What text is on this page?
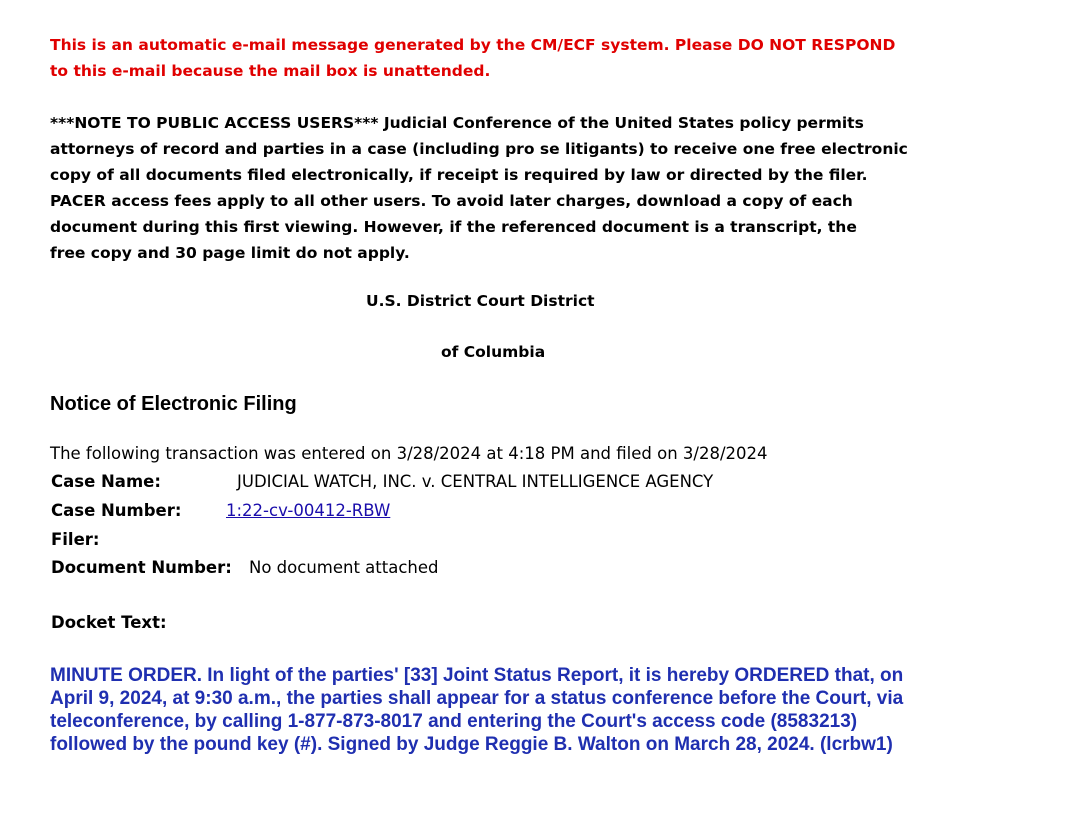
This is an automatic e-mail message generated by the CM/ECF system. Please DO NOT RESPOND
to this e-mail because the mail box is unattended.
***NOTE TO PUBLIC ACCESS USERS*** Judicial Conference of the United States policy permits
attorneys of record and parties in a case (including pro se litigants) to receive one free electronic
copy of all documents filed electronically, if receipt is required by law or directed by the filer.
PACER access fees apply to all other users. To avoid later charges, download a copy of each
document during this first viewing. However, if the referenced document is a transcript, the
free copy and 30 page limit do not apply.
U.S. District Court District
of Columbia
Notice of Electronic Filing
The following transaction was entered on 3/28/2024 at 4:18 PM and filed on 3/28/2024
Case Name:	JUDICIAL WATCH, INC. v. CENTRAL INTELLIGENCE AGENCY
Case Number:	1:22-cv-00412-RBW
Filer:
Document Number: No document attached
Docket Text:
MINUTE ORDER. In light of the parties' [33] Joint Status Report, it is hereby ORDERED that, on
April 9, 2024, at 9:30 a.m., the parties shall appear for a status conference before the Court, via
teleconference, by calling 1-877-873-8017 and entering the Court's access code (8583213)
followed by the pound key (#). Signed by Judge Reggie B. Walton on March 28, 2024. (lcrbw1)
